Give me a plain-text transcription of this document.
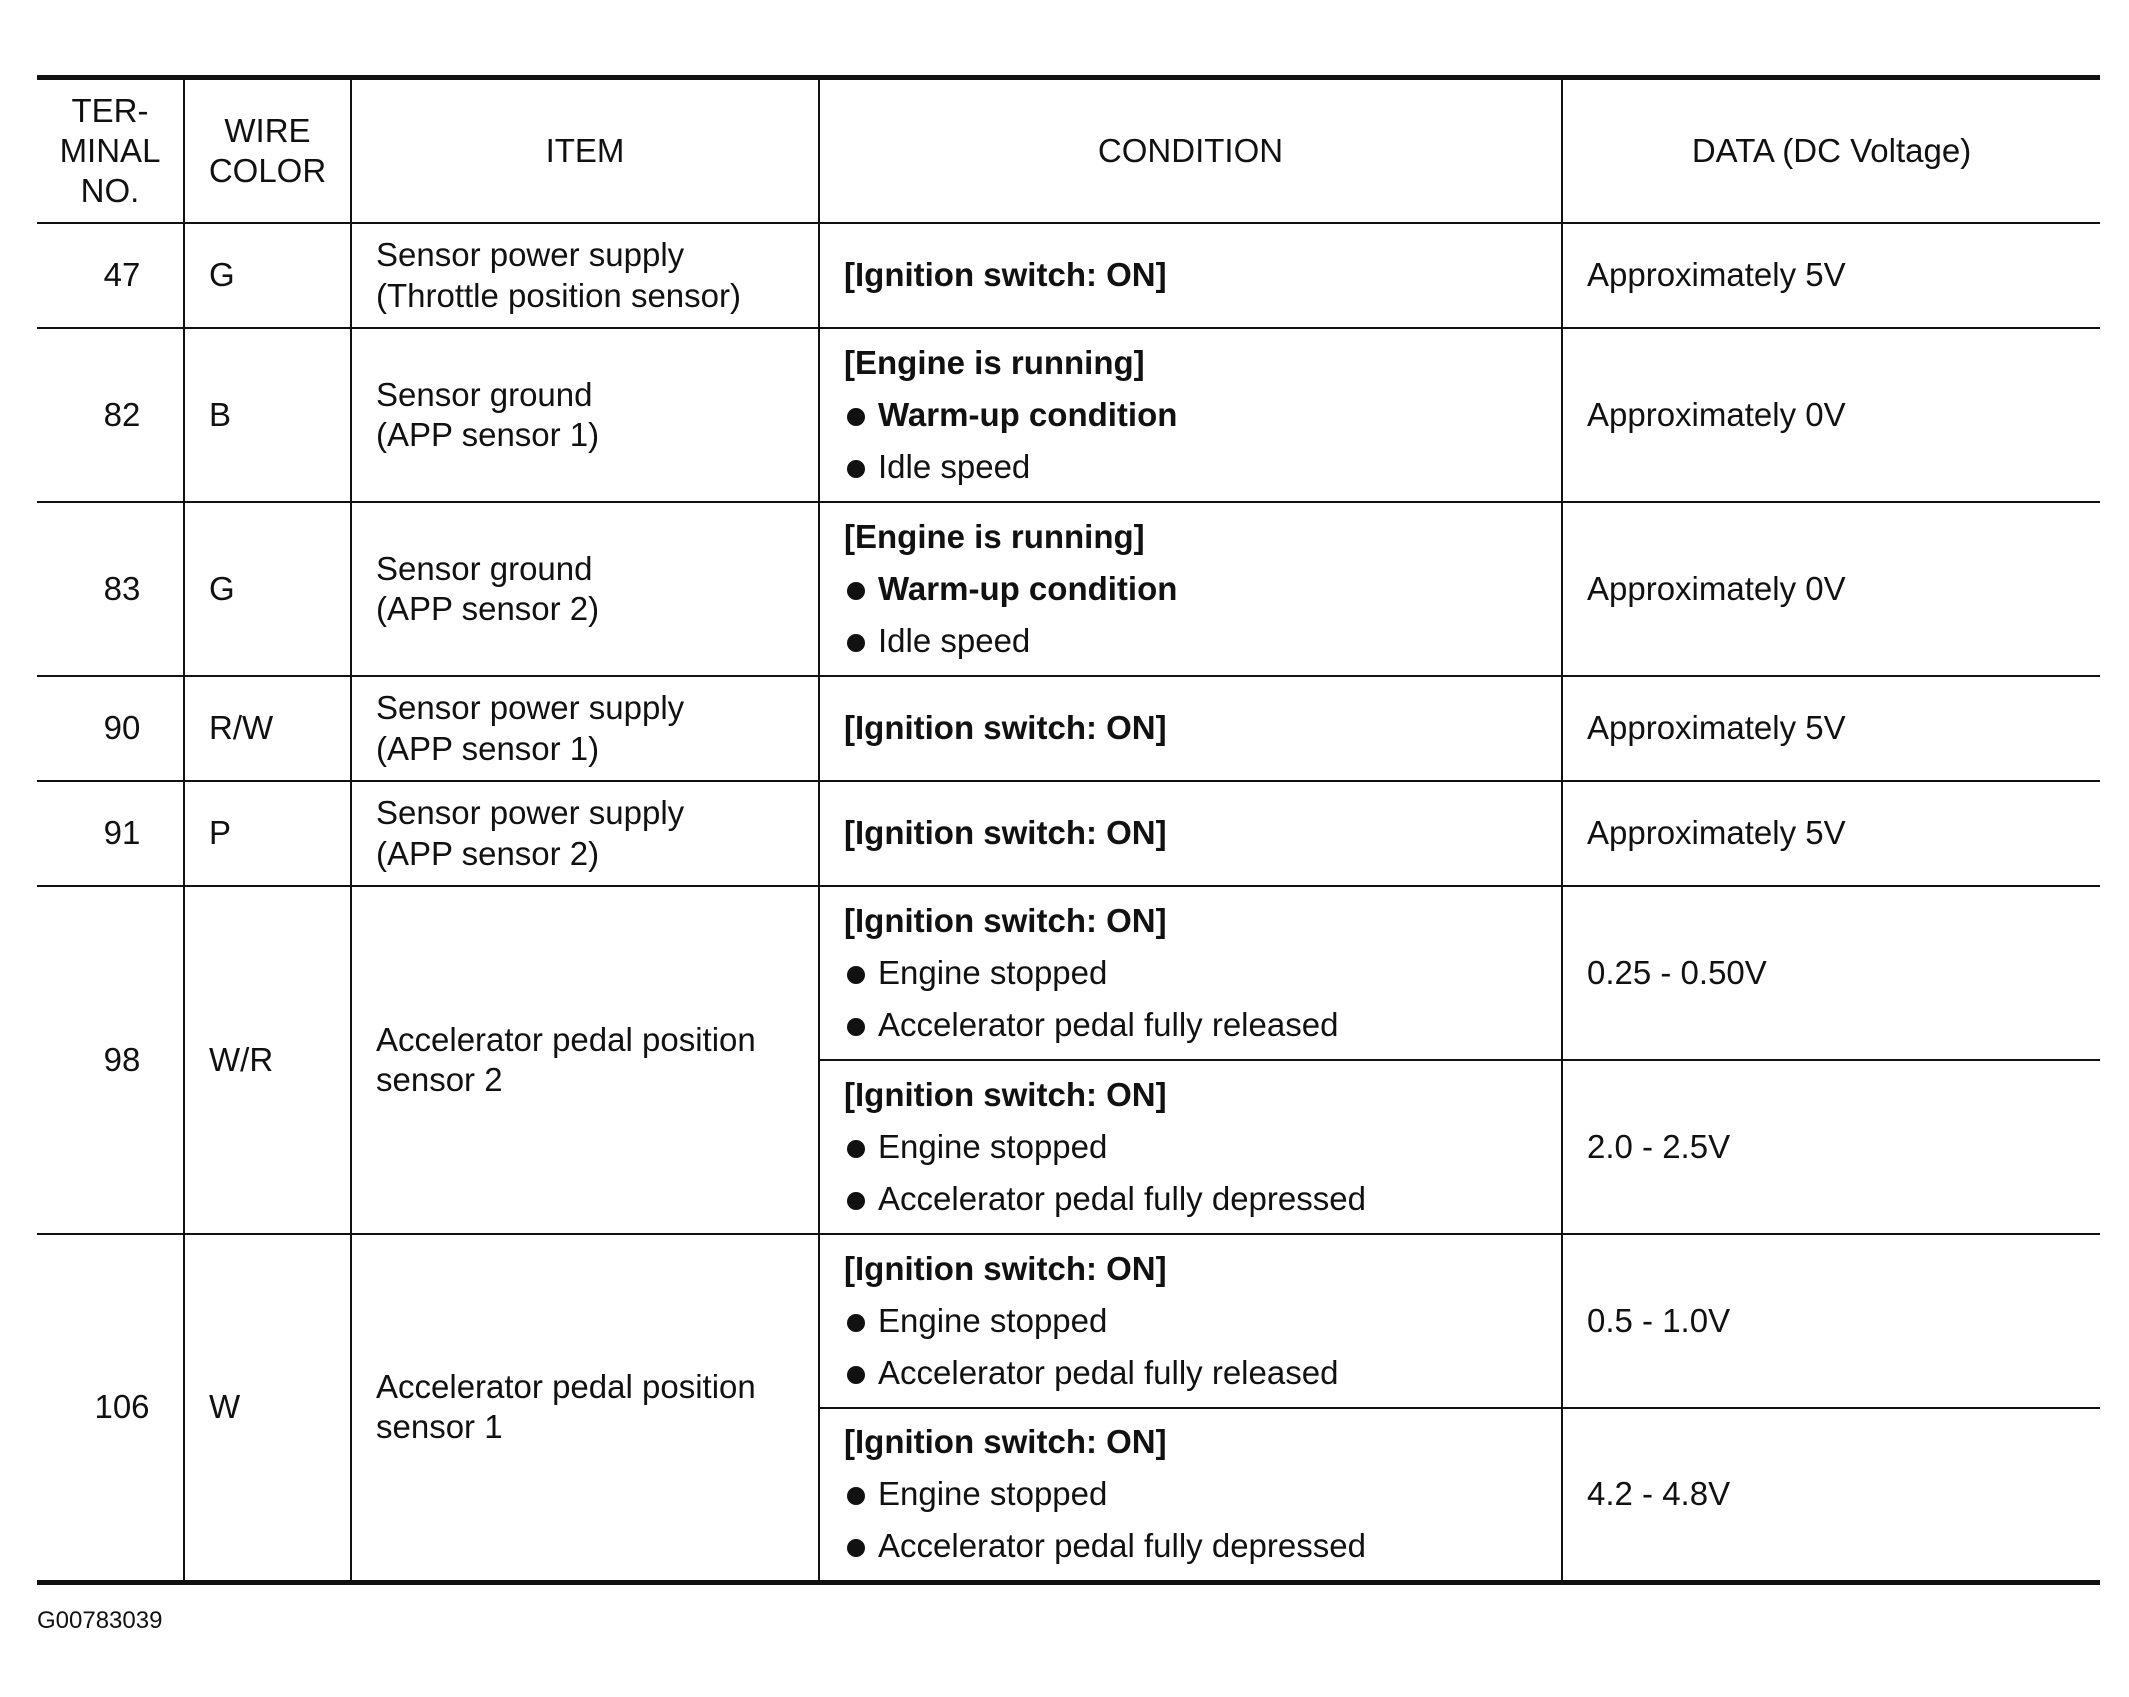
TER-
MINAL
NO.	WIRE
COLOR	ITEM	CONDITION	DATA (DC Voltage)
47	G	Sensor power supply
(Throttle position sensor)	[Ignition switch: ON]	Approximately 5V
82	B	Sensor ground
(APP sensor 1)	[Engine is running]
Warm-up condition
Idle speed	Approximately 0V
83	G	Sensor ground
(APP sensor 2)	[Engine is running]
Warm-up condition
Idle speed	Approximately 0V
90	R/W	Sensor power supply
(APP sensor 1)	[Ignition switch: ON]	Approximately 5V
91	P	Sensor power supply
(APP sensor 2)	[Ignition switch: ON]	Approximately 5V
98	W/R	Accelerator pedal position
sensor 2	[Ignition switch: ON]
Engine stopped
Accelerator pedal fully released	0.25 - 0.50V

			[Ignition switch: ON]
Engine stopped
Accelerator pedal fully depressed	2.0 - 2.5V
106	W	Accelerator pedal position
sensor 1	[Ignition switch: ON]
Engine stopped
Accelerator pedal fully released	0.5 - 1.0V

			[Ignition switch: ON]
Engine stopped
Accelerator pedal fully depressed	4.2 - 4.8V
G00783039
